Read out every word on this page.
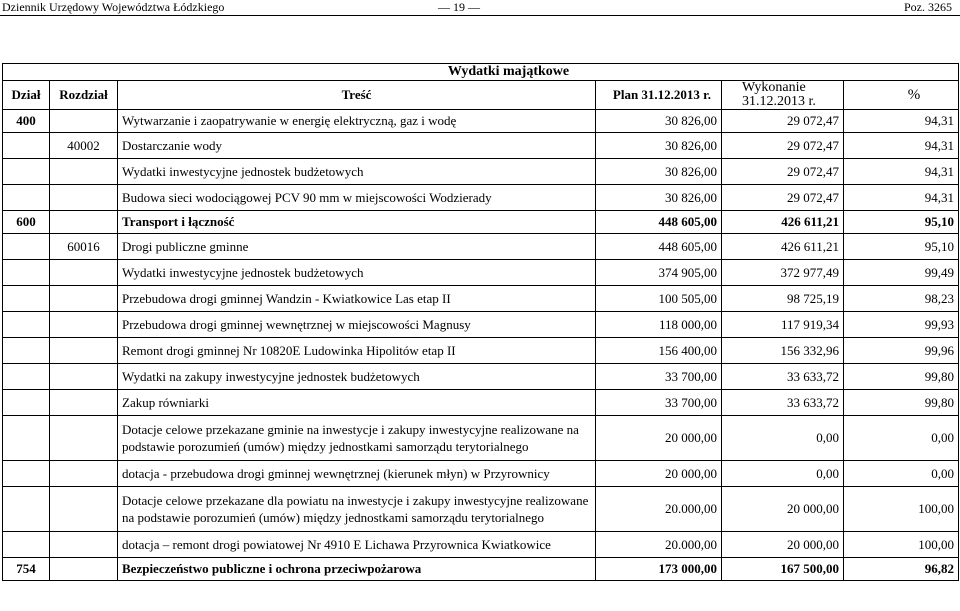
Dziennik Urzędowy Województwa Łódzkiego	— 19 —	Poz. 3265
Wydatki majątkowe					
Dział	Rozdział	Treść	Plan 31.12.2013 r.	Wykonanie 31.12.2013 r.	%
400		Wytwarzanie i zaopatrywanie w energię elektryczną, gaz i wodę	30 826,00	29 072,47	94,31
	40002	Dostarczanie wody	30 826,00	29 072,47	94,31
		Wydatki inwestycyjne jednostek budżetowych	30 826,00	29 072,47	94,31
		Budowa sieci wodociągowej PCV 90 mm w miejscowości Wodzierady	30 826,00	29 072,47	94,31
600		Transport i łączność	448 605,00	426 611,21	95,10
	60016	Drogi publiczne gminne	448 605,00	426 611,21	95,10
		Wydatki inwestycyjne jednostek budżetowych	374 905,00	372 977,49	99,49
		Przebudowa drogi gminnej Wandzin - Kwiatkowice Las etap II	100 505,00	98 725,19	98,23
		Przebudowa drogi gminnej wewnętrznej w miejscowości Magnusy	118 000,00	117 919,34	99,93
		Remont drogi gminnej Nr 10820E Ludowinka Hipolitów etap II	156 400,00	156 332,96	99,96
		Wydatki na zakupy inwestycyjne jednostek budżetowych	33 700,00	33 633,72	99,80
		Zakup równiarki	33 700,00	33 633,72	99,80
		Dotacje celowe przekazane gminie na inwestycje i zakupy inwestycyjne realizowane na podstawie porozumień (umów) między jednostkami samorządu terytorialnego	20 000,00	0,00	0,00
		dotacja - przebudowa drogi gminnej wewnętrznej (kierunek młyn) w Przyrownicy	20 000,00	0,00	0,00
		Dotacje celowe przekazane dla powiatu na inwestycje i zakupy inwestycyjne realizowane na podstawie porozumień (umów) między jednostkami samorządu terytorialnego	20.000,00	20 000,00	100,00
		dotacja – remont drogi powiatowej Nr 4910 E Lichawa Przyrownica Kwiatkowice	20.000,00	20 000,00	100,00
754		Bezpieczeństwo publiczne i ochrona przeciwpożarowa	173 000,00	167 500,00	96,82
